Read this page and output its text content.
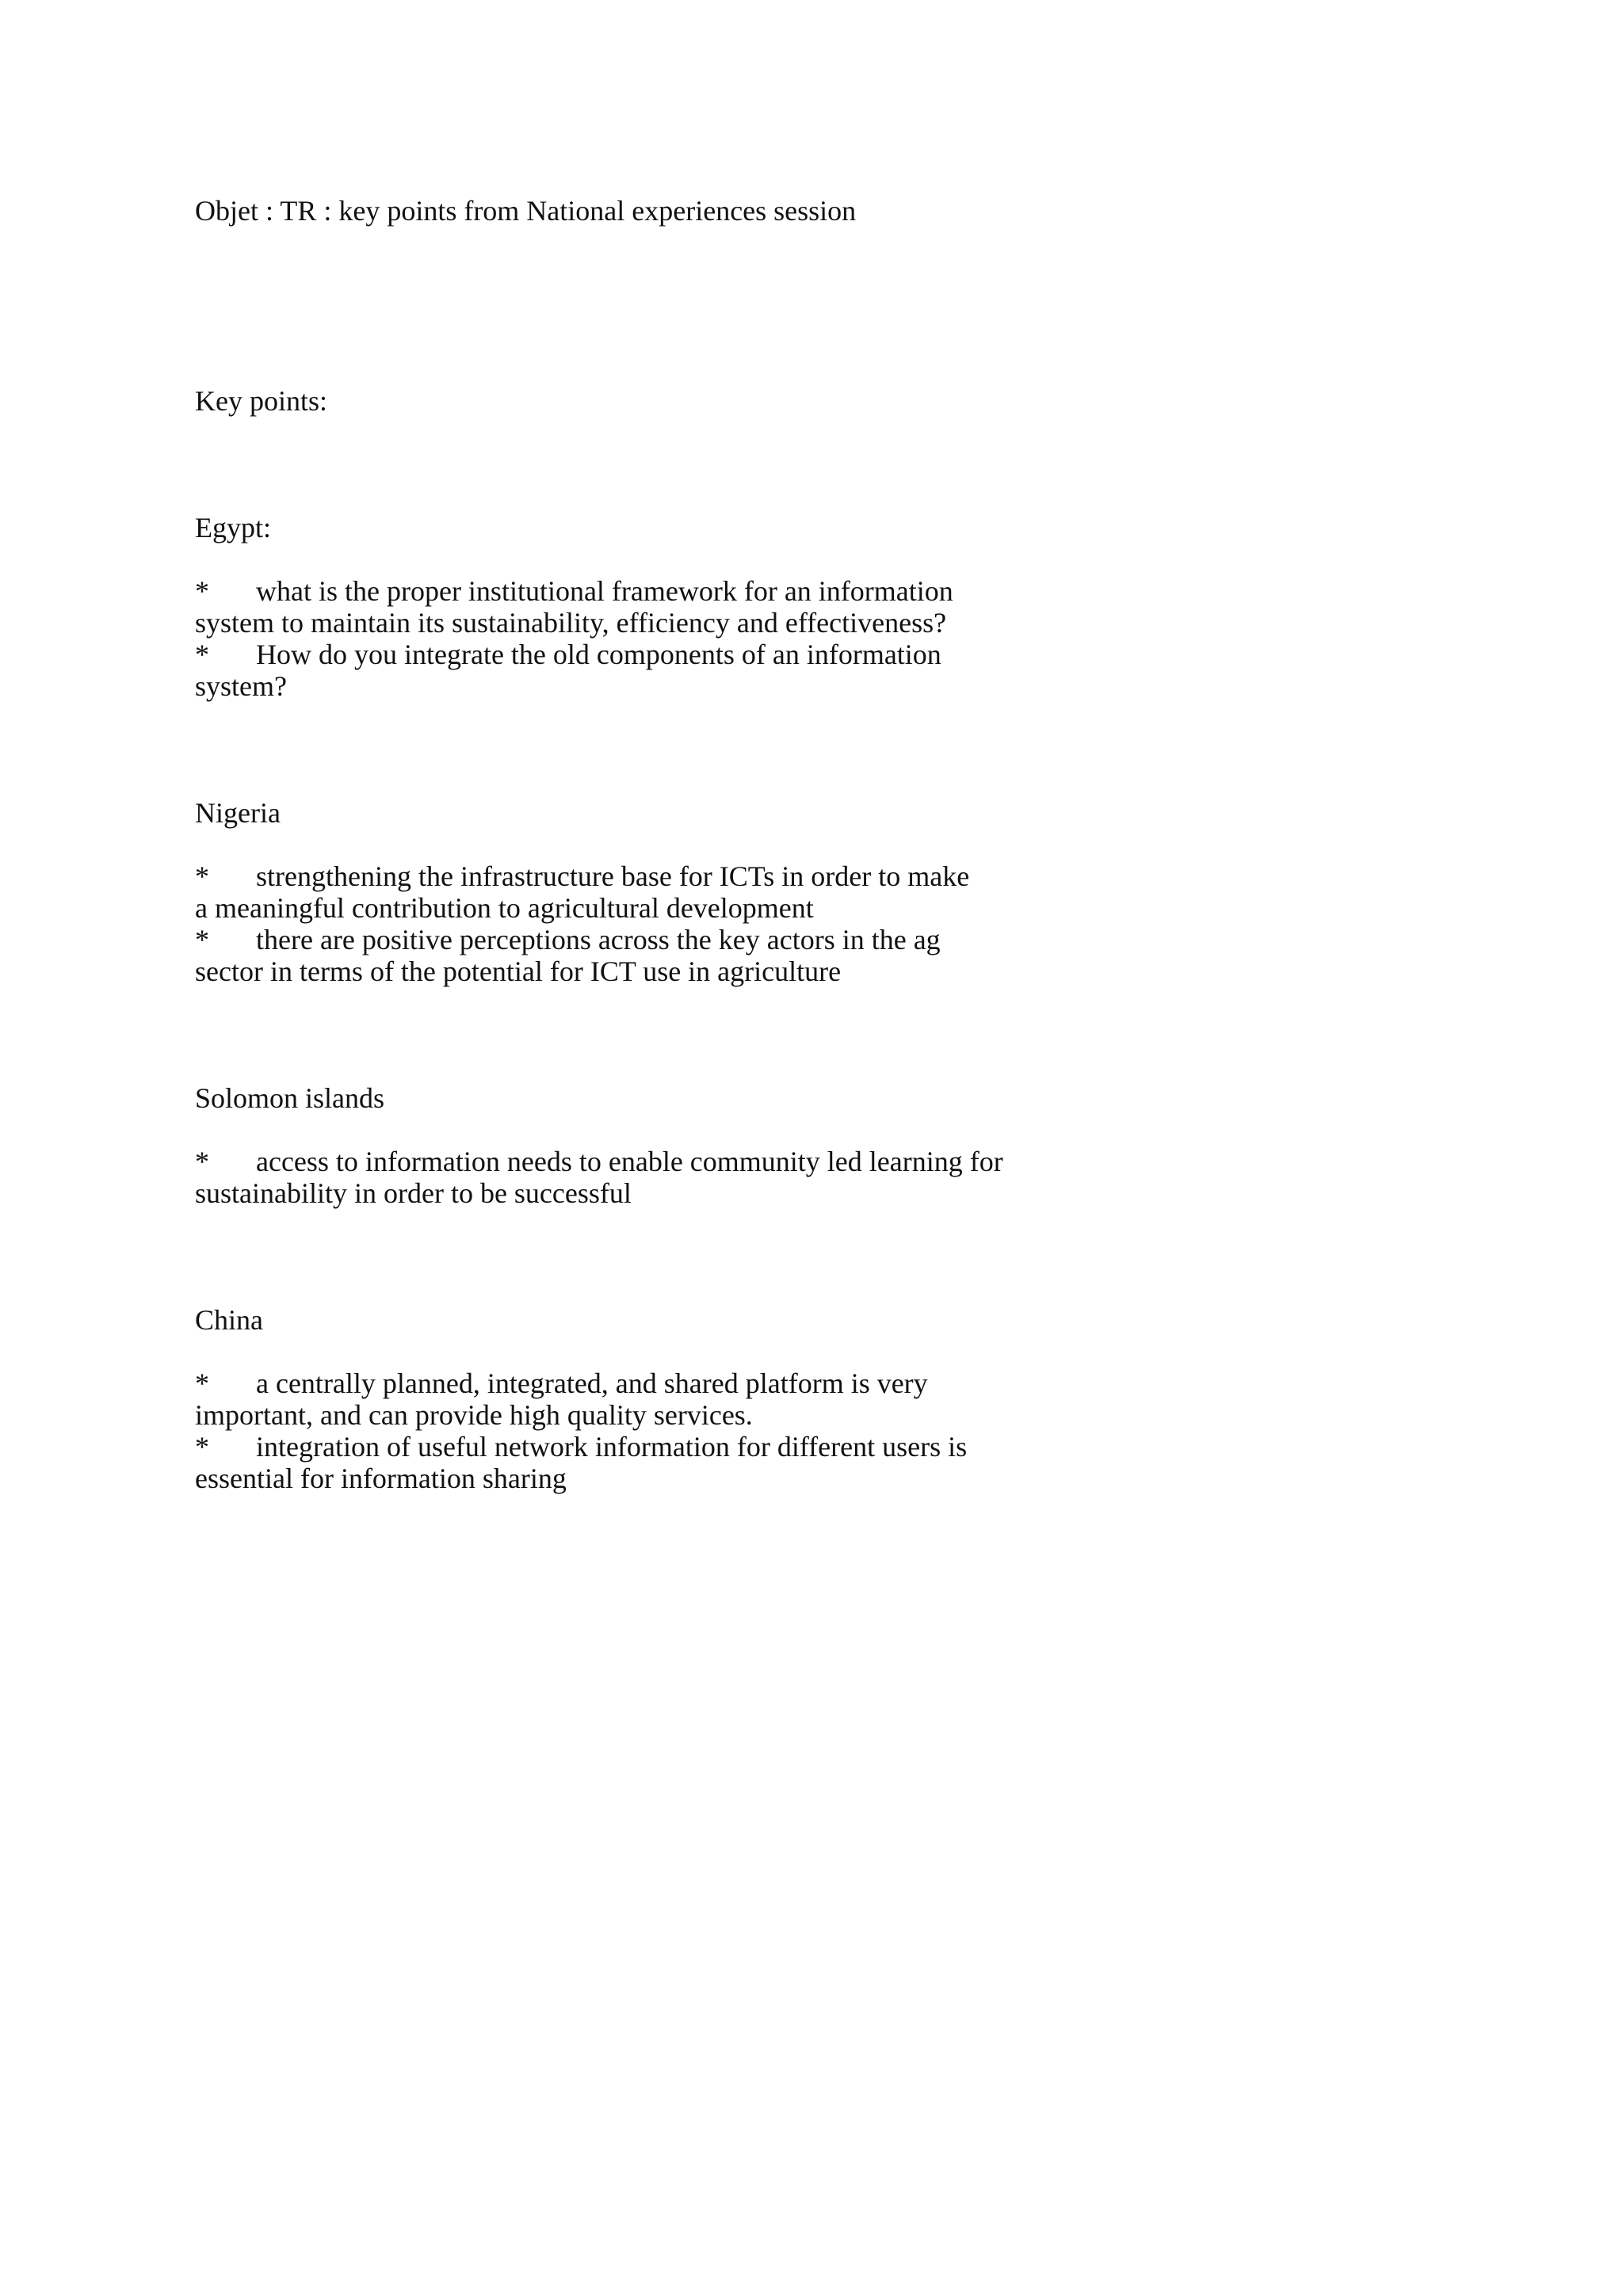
Objet : TR : key points from National experiences session
Key points:
Egypt:
* what is the proper institutional framework for an information
system to maintain its sustainability, efficiency and effectiveness?
* How do you integrate the old components of an information
system?
Nigeria
* strengthening the infrastructure base for ICTs in order to make
a meaningful contribution to agricultural development
* there are positive perceptions across the key actors in the ag
sector in terms of the potential for ICT use in agriculture
Solomon islands
* access to information needs to enable community led learning for
sustainability in order to be successful
China
* a centrally planned, integrated, and shared platform is very
important, and can provide high quality services.
* integration of useful network information for different users is
essential for information sharing
